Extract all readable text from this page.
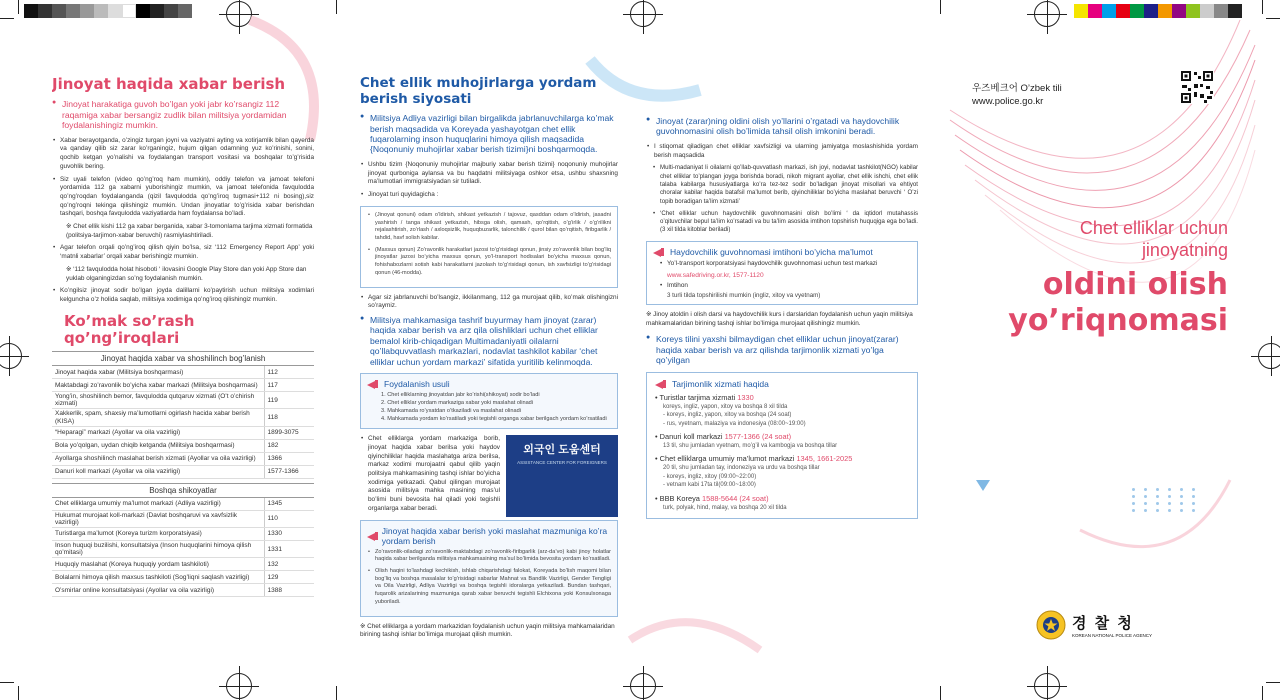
Jinoyat haqida xabar berish
● Jinoyat harakatiga guvoh bo’lgan yoki jabr ko’rsangiz 112 raqamiga xabar bersangiz zudlik bilan militsiya yordamidan foydalanishingiz mumkin.
• Xabar berayotganda, o’zingiz turgan joyni va vaziyatni ayting va xotirjamlik bilan qayerda va qanday qilib siz zarar ko’rganingiz, hujum qilgan odamning yuz ko’rinishi, sonini, qochib ketgan yo’nalishi va foydalangan transport vositasi va boshqalar to’g’risida guvohlik bering.
• Siz uyali telefon (video qo’ng’roq ham mumkin), oddiy telefon va jamoat telefoni yordamida 112 ga xabarni yuborishingiz mumkin, va jamoat telefonida favqulodda qo’ng’roqdan foydalanganda (qizil favqulodda qo’ng’iroq tugmasi+112 ni bosing),siz qo’ng’roqni tekinga qilishingiz mumkin. Undan jinoyatlar to’g’risida xabar berishdan tashqari, boshqa favqulodda vaziyatlarda ham foydalansa bo’ladi.
※ Chet ellik kishi 112 ga xabar berganida, xabar 3-tomonlama tarjima xizmati formatida (politsiya-tarjimon-xabar beruvchi) rasmiylashtiriladi.
• Agar telefon orqali qo’ng’iroq qilish qiyin bo’lsa, siz ‘112 Emergency Report App’ yoki ‘matnli xabarlar’ orqali xabar berishingiz mumkin.
※ ‘112 favqulodda holat hisoboti ‘ ilovasini Google Play Store dan yoki App Store dan yuklab olganingizdan so’ng foydalanish mumkin.
• Ko’ngilsiz jinoyat sodir bo’lgan joyda dalillarni ko’paytirish uchun militsiya xodimlari kelguncha o’z holida saqlab, militsiya xodimiga qo’ng’iroq qilishingiz mumkin.
Ko’mak so’rash qo’ng’iroqlari
Jinoyat haqida xabar va shoshilinch bog’lanish	
Jinoyat haqida xabar (Militsiya boshqarmasi)	112
Maktabdagi zo’ravonlik bo’yicha xabar markazi (Militsiya boshqarmasi)	117
Yong’in, shoshilinch bemor, favqulodda qutqaruv xizmati (O’t o’chirish xizmati)	119
Xakkerlik, spam, shaxsiy ma’lumotlarni ogirlash hacida xabar berish (KISA)	118
“Heparagi” markazi (Ayollar va oila vazirligi)	1899-3075
Bola yo’qolgan, uydan chiqib ketganda (Militsiya boshqarmasi)	182
Ayollarga shoshilinch maslahat berish xizmati (Ayollar va oila vazirligi)	1366
Danuri koll markazi (Ayollar va oila vazirligi)	1577-1366
Boshqa shikoyatlar	
Chet elliklarga umumiy ma’lumot markazi (Adliya vazirligi)	1345
Hukumat murojaat koll-markazi (Davlat boshqaruvi va xavfsizlik vazirligi)	110
Turistlarga ma’lumot (Koreya turizm korporatsiyasi)	1330
Inson huquqi buzilishi, konsultatsiya (Inson huquqlarini himoya qilish qo’mitasi)	1331
Huquqiy maslahat (Koreya huquqiy yordam tashkiloti)	132
Bolalarni himoya qilish maxsus tashkiloti (Sog’liqni saqlash vazirligi)	129
O’smirlar online konsultatsiyasi (Ayollar va oila vazirligi)	1388
Chet ellik muhojirlarga yordam berish siyosati
● Militsiya Adliya vazirligi bilan birgalikda jabrlanuvchilarga ko’mak berish maqsadida va Koreyada yashayotgan chet ellik fuqarolarning inson huquqlarini himoya qilish maqsadida {Noqonuniy muhojirlar xabar berish tizimi}ni boshqarmoqda.
• Ushbu tizim {Noqonuniy muhojirlar majburiy xabar berish tizimi} noqonuniy muhojirlar jinoyat qurboniga aylansa va bu haqdatni militsiyaga oshkor etsa, ushbu shaxsning ma’lumotlari immigratsiyadan sir tutiladi.
• Jinoyat turi quyidagicha :
• (Jinoyat qonuni) odam o’ldirish, shikast yetkazish / tajovuz, qasddan odam o’ldirish, jasadni yashirish / tanga shikast yetkazish, hibsga olish, qamash, qo’rqitish, o’g’irlik / o’g’rilikni rejalashtirish, zo’rlash / axloqsizlik, huquqbuzarlik, talonchilik / qurol bilan qo’rqitish, firibgarlik / tahdid, havf solish kabilar.
• (Maxsus qonun) Zo’ravonlik harakatlari jazosi to’g’risidagi qonun, jinsiy zo’ravonlik bilan bog’liq jinoyatlar jazosi bo’yicha maxsus qonun, yo’l-transport hodisalari bo’yicha maxsus qonun, fohishabozlarni sotish kabi harakatlarni jazolash to’g’risidagi qonun, ish xavfsizligi to’g’risidagi qonun (46-modda).
• Agar siz jabrlanuvchi bo’lsangiz, ikkilanmang, 112 ga murojaat qilib, ko’mak olishingizni so’raymiz.
● Militsiya mahkamasiga tashrif buyurmay ham jinoyat (zarar) haqida xabar berish va arz qila olishliklari uchun chet elliklar bemalol kirib-chiqadigan Multimadaniyatli oilalarni qo’llabquvvatlash markazlari, nodavlat tashkilot kabilar ‘chet elliklar uchun yordam markazi’ sifatida yuritilib kelinmoqda.
Foydalanish usuli
1. Chet elliklarning jinoyatdan jabr ko’rishi(shikoyat) sodir bo’ladi
2. Chet elliklar yordam markaziga xabar yoki maslahat olinadi
3. Mahkamada ro’yxatdan o’tkaziladi va maslahat olinadi
4. Mahkamada yordam ko’rsatiladi yoki tegishli organga xabar berilgach yordam ko’rsatiladi
외국인 도움센터
ASSISTANCE CENTER FOR FOREIGNERS
• Chet elliklarga yordam markaziga borib, jinoyat haqida xabar berilsa yoki haydov qiyinchiliklar haqida maslahatga ariza berilsa, markaz xodimi murojaatni qabul qilib yaqin politsiya mahkamasining tashqi ishlar bo’yicha xodimiga yetkazadi. Qabul qilingan murojaat asosida militsiya mahka masining mas’ul bo’limi buni bevosita hal qiladi yoki tegishli organlarga xabar beradi.
Jinoyat haqida xabar berish yoki maslahat mazmuniga ko’ra yordam berish
• Zo’ravonlik-oiladagi zo’ravonlik-maktabdagi zo’ravonlik-firibgarlik (arz-da’vo) kabi jinoy holatlar haqida xabar berilganda militsiya mahkamasining ma’sul bo’limida bevosita yordam ko’rsatiladi.
• Olish haqini to’lashdagi kechikish, ishlab chiqarishdagi falokat, Koreyada bo’lish maqomi bilan bog’liq va boshqa masalalar to’g’risidagi xabarlar Mahnat va Bandlik Vazirligi, Gender Tengligi va Oila Vazirligi, Adliya Vazirligi va boshqa tegishli idoralarga yetkaziladi. Bundan tashqari, fuqarolik arizalarining mazmuniga qarab xabar beruvchi tegishli Elchixona yoki Konsulxonaga yuboriladi.
※ Chet elliklarga a yordam markazidan foydalanish uchun yaqin militsiya mahkamalaridan birining tashqi ishlar bo’limiga murojaat qilish mumkin.
● Jinoyat (zarar)ning oldini olish yo’llarini o’rgatadi va haydovchilik guvohnomasini olish bo’limida tahsil olish imkonini beradi.
• I stiqomat qiladigan chet elliklar xavfsizligi va ularning jamiyatga moslashishida yordam berish maqsadida
• Multi-madaniyat li oilalarni qo’llab-quvvatlash markazi, ish joyi, nodavlat tashkilot(NGO) kabilar chet elliklar to’plangan joyga borishda boradi, nikoh migrant ayollar, chet ellik ishchi, chet ellik talaba kabilarga hususiyatlarga ko’ra tez-tez sodir bo’ladigan jinoyat misollari va ehtiyot choralar kabilar haqida batafsil ma’lumot berib, qiyinchiliklar bo’yicha maslahat beruvchi ‘ O’zi topib boradigan ta’lim xizmati’
• ‘Chet elliklar uchun haydovchilik guvohnomasini olish bo’limi ‘ da iqtidorl mutahassis o’qituvchilar bepul ta’lim ko’rsatadi va bu ta’lim asosida imtihon topshirish huquqiga ega bo’ladi. (3 xil tilda kitoblar beriladi)
Haydovchilik guvohnomasi imtihoni bo’yicha ma’lumot
• Yo’l-transport korporatsiyasi haydovchilik guvohnomasi uchun test markazi
www.safedriving.or.kr, 1577-1120
• Imtihon
3 turli tilda topshirilishi mumkin (ingliz, xitoy va vyetnam)
※ Jinoy atoldin i olish darsi va haydovchilik kurs i darslaridan foydalanish uchun yaqin militsiya mahkamalaridan birining tashqi ishlar bo’limiga murojaat qilishingiz mumkin.
● Koreys tilini yaxshi bilmaydigan chet elliklar uchun jinoyat(zarar) haqida xabar berish va arz qilishda tarjimonlik xizmati yo’lga qo’yilgan
Tarjimonlik xizmati haqida
• Turistlar tarjima xizmati 1330
koreys, ingliz, yapon, xitoy va boshqa 8 xil tilda
- koreys, ingliz, yapon, xitoy va boshqa (24 soat)
- rus, vyetnam, malaziya va indonesiya (08:00~19:00)
• Danuri koll markazi 1577-1366 (24 soat)
13 til, shu jumladan vyetnam, mo’g’il va kambogja va boshqa tillar
• Chet elliklarga umumiy ma’lumot markazi 1345, 1661-2025
20 til, shu jumladan tay, indoneziya va urdu va boshqa tillar
- koreys, ingliz, xitoy (09:00~22:00)
- vetnam kabi 17ta til(09:00~18:00)
• BBB Koreya 1588-5644 (24 soat)
turk, polyak, hind, malay, va boshqa 20 xil tilda
우즈베크어 O’zbek tili
www.police.go.kr
Chet elliklar uchun
jinoyatning
oldini olish
yo’riqnomasi
경 찰 청
KOREAN NATIONAL POLICE AGENCY
